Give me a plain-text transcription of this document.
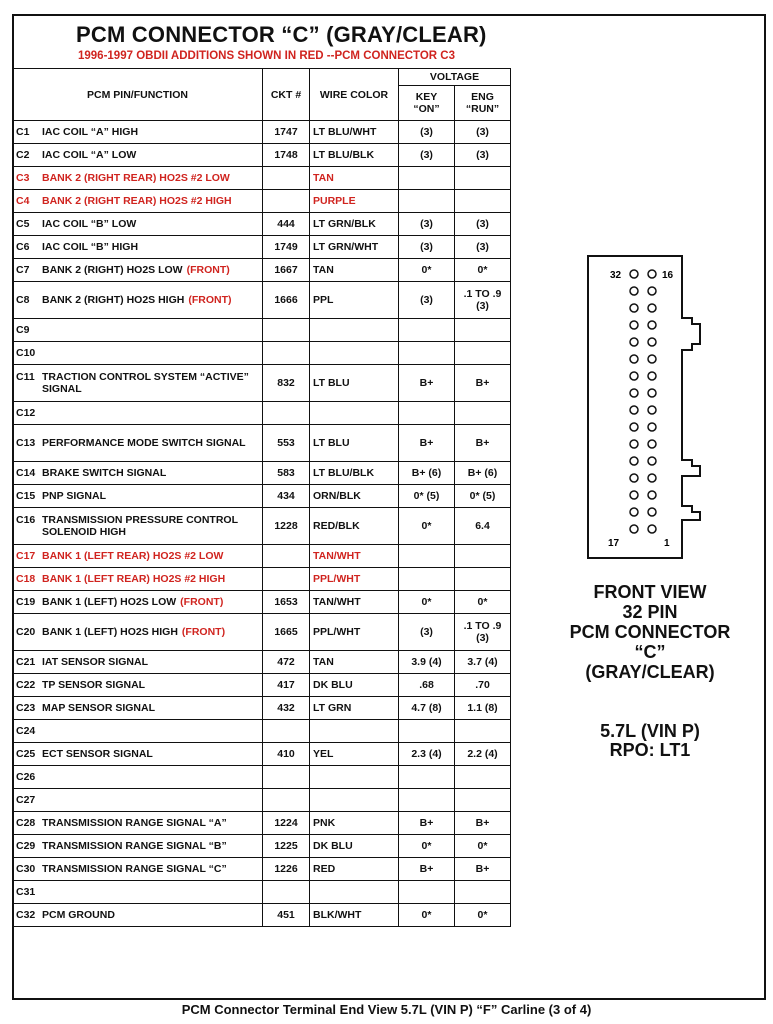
PCM CONNECTOR “C” (GRAY/CLEAR)
1996-1997 OBDII ADDITIONS SHOWN IN RED --PCM CONNECTOR C3
PCM PIN/FUNCTION	CKT #	WIRE COLOR	VOLTAGE	
			KEY “ON”	ENG “RUN”
C1 IAC COIL “A” HIGH	1747	LT BLU/WHT	(3)	(3)
C2 IAC COIL “A” LOW	1748	LT BLU/BLK	(3)	(3)
C3 BANK 2 (RIGHT REAR) HO2S #2 LOW		TAN		
C4 BANK 2 (RIGHT REAR) HO2S #2 HIGH		PURPLE		
C5 IAC COIL “B” LOW	444	LT GRN/BLK	(3)	(3)
C6 IAC COIL “B” HIGH	1749	LT GRN/WHT	(3)	(3)
C7 BANK 2 (RIGHT) HO2S LOW (FRONT)	1667	TAN	0*	0*
C8 BANK 2 (RIGHT) HO2S HIGH (FRONT)	1666	PPL	(3)	.1 TO .9 (3)
C9				
C10				
C11 TRACTION CONTROL SYSTEM “ACTIVE” SIGNAL	832	LT BLU	B+	B+
C12				
C13 PERFORMANCE MODE SWITCH SIGNAL	553	LT BLU	B+	B+
C14 BRAKE SWITCH SIGNAL	583	LT BLU/BLK	B+ (6)	B+ (6)
C15 PNP SIGNAL	434	ORN/BLK	0* (5)	0* (5)
C16 TRANSMISSION PRESSURE CONTROL SOLENOID HIGH	1228	RED/BLK	0*	6.4
C17 BANK 1 (LEFT REAR) HO2S #2 LOW		TAN/WHT		
C18 BANK 1 (LEFT REAR) HO2S #2 HIGH		PPL/WHT		
C19 BANK 1 (LEFT) HO2S LOW (FRONT)	1653	TAN/WHT	0*	0*
C20 BANK 1 (LEFT) HO2S HIGH (FRONT)	1665	PPL/WHT	(3)	.1 TO .9 (3)
C21 IAT SENSOR SIGNAL	472	TAN	3.9 (4)	3.7 (4)
C22 TP SENSOR SIGNAL	417	DK BLU	.68	.70
C23 MAP SENSOR SIGNAL	432	LT GRN	4.7 (8)	1.1 (8)
C24				
C25 ECT SENSOR SIGNAL	410	YEL	2.3 (4)	2.2 (4)
C26				
C27				
C28 TRANSMISSION RANGE SIGNAL “A”	1224	PNK	B+	B+
C29 TRANSMISSION RANGE SIGNAL “B”	1225	DK BLU	0*	0*
C30 TRANSMISSION RANGE SIGNAL “C”	1226	RED	B+	B+
C31				
C32 PCM GROUND	451	BLK/WHT	0*	0*
32	16
17	1
FRONT VIEW
32 PIN
PCM CONNECTOR
“C”
(GRAY/CLEAR)
5.7L (VIN P)
RPO: LT1
PCM Connector Terminal End View 5.7L (VIN P) “F” Carline (3 of 4)
